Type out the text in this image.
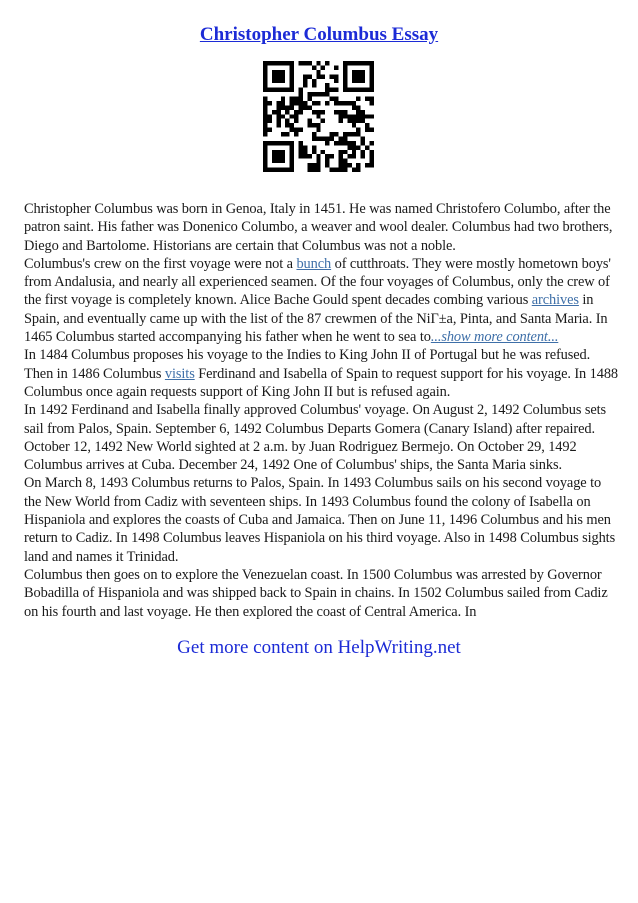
Christopher Columbus Essay

Christopher Columbus was born in Genoa, Italy in 1451. He was named Christofero Columbo, after the patron saint. His father was Donenico Columbo, a weaver and wool dealer. Columbus had two brothers, Diego and Bartolome. Historians are certain that Columbus was not a noble.

Columbus's crew on the first voyage were not a bunch of cutthroats. They were mostly hometown boys' from Andalusia, and nearly all experienced seamen. Of the four voyages of Columbus, only the crew of the first voyage is completely known. Alice Bache Gould spent decades combing various archives in Spain, and eventually came up with the list of the 87 crewmen of the NiΓ±a, Pinta, and Santa Maria. In 1465 Columbus started accompanying his father when he went to sea to...show more content...

In 1484 Columbus proposes his voyage to the Indies to King John II of Portugal but he was refused. Then in 1486 Columbus visits Ferdinand and Isabella of Spain to request support for his voyage. In 1488 Columbus once again requests support of King John II but is refused again.

In 1492 Ferdinand and Isabella finally approved Columbus' voyage. On August 2, 1492 Columbus sets sail from Palos, Spain. September 6, 1492 Columbus Departs Gomera (Canary Island) after repaired. October 12, 1492 New World sighted at 2 a.m. by Juan Rodriguez Bermejo. On October 29, 1492 Columbus arrives at Cuba. December 24, 1492 One of Columbus' ships, the Santa Maria sinks.

On March 8, 1493 Columbus returns to Palos, Spain. In 1493 Columbus sails on his second voyage to the New World from Cadiz with seventeen ships. In 1493 Columbus found the colony of Isabella on Hispaniola and explores the coasts of Cuba and Jamaica. Then on June 11, 1496 Columbus and his men return to Cadiz. In 1498 Columbus leaves Hispaniola on his third voyage. Also in 1498 Columbus sights land and names it Trinidad.

Columbus then goes on to explore the Venezuelan coast. In 1500 Columbus was arrested by Governor Bobadilla of Hispaniola and was shipped back to Spain in chains. In 1502 Columbus sailed from Cadiz on his fourth and last voyage. He then explored the coast of Central America. In

Get more content on HelpWriting.net
